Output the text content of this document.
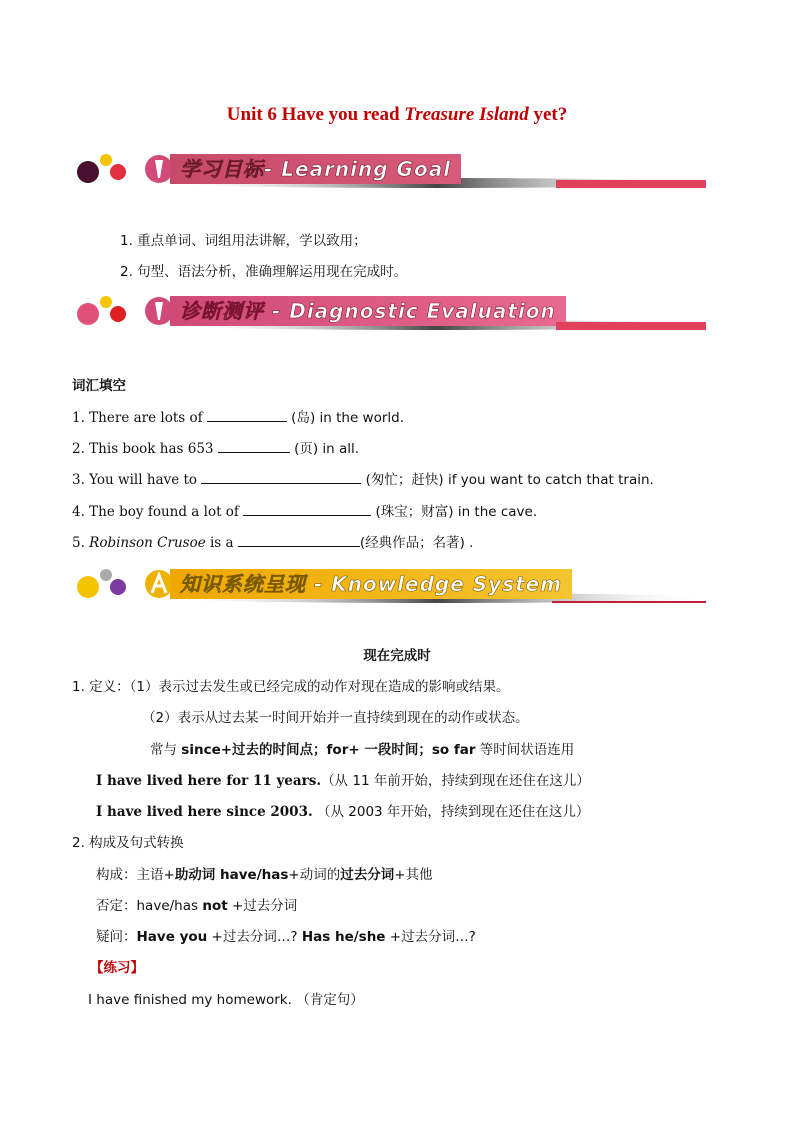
Unit 6 Have you read Treasure Island yet?
学习目标- Learning Goal
1. 重点单词、词组用法讲解，学以致用；
2. 句型、语法分析，准确理解运用现在完成时。
诊断测评 - Diagnostic Evaluation
词汇填空
1. There are lots of	(岛) in the world.
2. This book has 653	(页) in all.
3. You will have to	(匆忙；赶快) if you want to catch that train.
4. The boy found a lot of	(珠宝；财富) in the cave.
5. Robinson Crusoe is a	(经典作品；名著) .
知识系统呈现 - Knowledge System
现在完成时
1. 定义：（1）表示过去发生或已经完成的动作对现在造成的影响或结果。
（2）表示从过去某一时间开始并一直持续到现在的动作或状态。
常与 since+过去的时间点；for+ 一段时间；so far 等时间状语连用
I have lived here for 11 years.（从 11 年前开始，持续到现在还住在这儿）
I have lived here since 2003. （从 2003 年开始，持续到现在还住在这儿）
2. 构成及句式转换
构成：主语+助动词 have/has+动词的过去分词+其他
否定：have/has not +过去分词
疑问：Have you +过去分词…? Has he/she +过去分词…?
【练习】
I have finished my homework. （肯定句）
